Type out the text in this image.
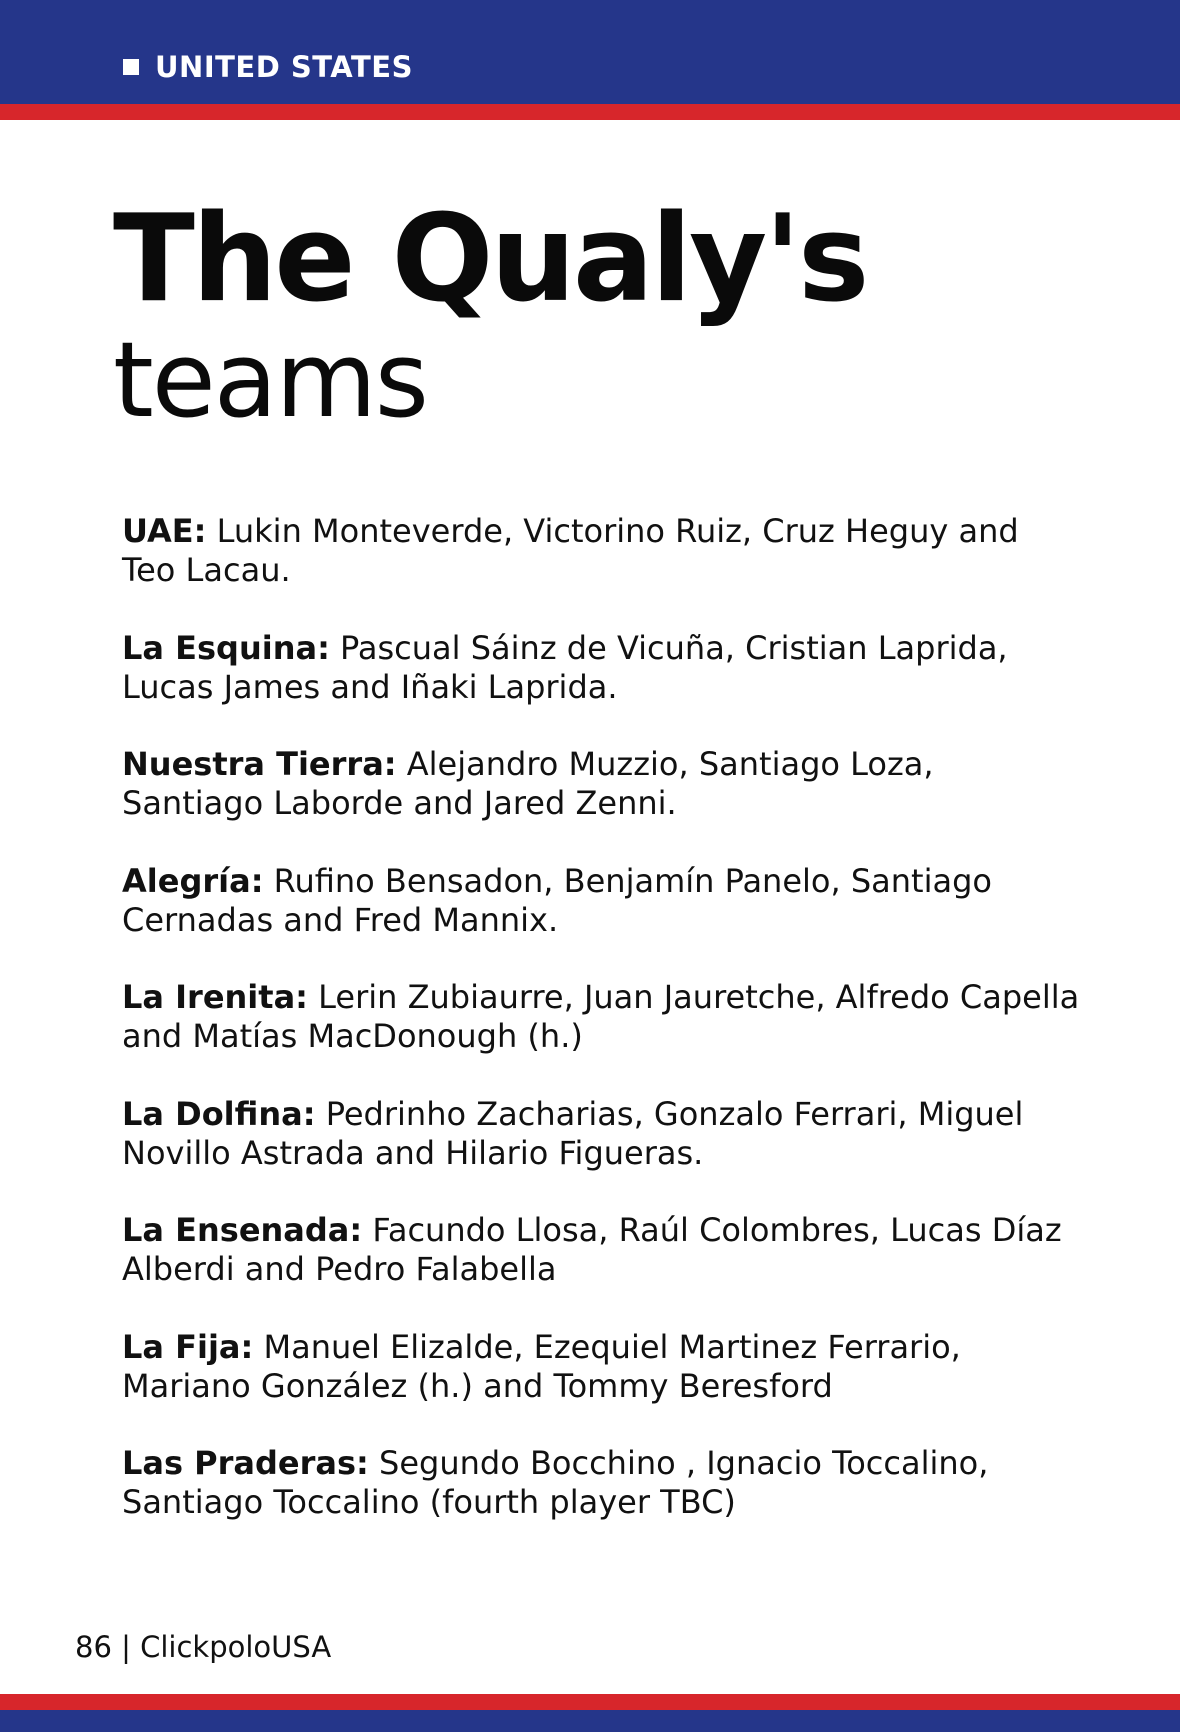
UNITED STATES
The Qualy's
teams
UAE: Lukin Monteverde, Victorino Ruiz, Cruz Heguy and Teo Lacau.
La Esquina: Pascual Sáinz de Vicuña, Cristian Laprida, Lucas James and Iñaki Laprida.
Nuestra Tierra: Alejandro Muzzio, Santiago Loza, Santiago Laborde and Jared Zenni.
Alegría: Rufino Bensadon, Benjamín Panelo, Santiago Cernadas and Fred Mannix.
La Irenita: Lerin Zubiaurre, Juan Jauretche, Alfredo Capella and Matías MacDonough (h.)
La Dolfina: Pedrinho Zacharias, Gonzalo Ferrari, Miguel Novillo Astrada and Hilario Figueras.
La Ensenada: Facundo Llosa, Raúl Colombres, Lucas Díaz Alberdi and Pedro Falabella
La Fija: Manuel Elizalde, Ezequiel Martinez Ferrario, Mariano González (h.) and Tommy Beresford
Las Praderas: Segundo Bocchino , Ignacio Toccalino, Santiago Toccalino (fourth player TBC)
86 | ClickpoloUSA
